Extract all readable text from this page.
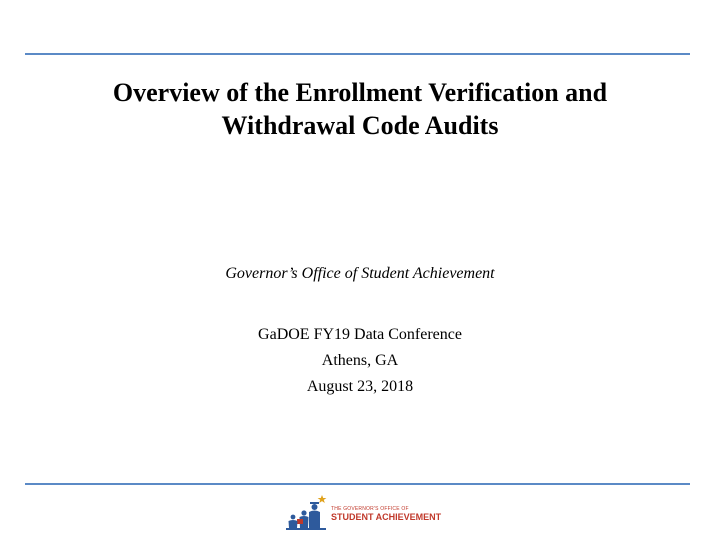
Overview of the Enrollment Verification and
Withdrawal Code Audits
Governor’s Office of Student Achievement
GaDOE FY19 Data Conference
Athens, GA
August 23, 2018
THE GOVERNOR'S OFFICE OF
STUDENT ACHIEVEMENT
